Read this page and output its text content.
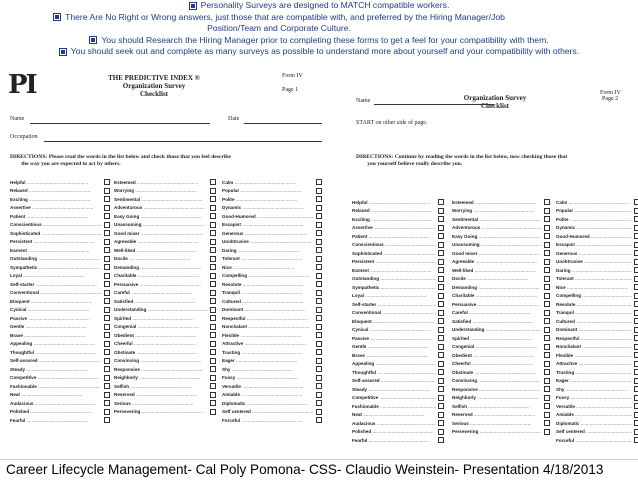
Personality Surveys are designed to MATCH compatible workers.
There Are No Right or Wrong answers, just those that are compatible with, and preferred by the Hiring Manager/Job Position/Team and Corporate Culture.
You should Research the Hiring Manager prior to completing these forms to get a feel for your compatibility with them.
You should seek out and complete as many surveys as possible to understand more about yourself and your compatibility with others.
PI	THE PREDICTIVE INDEX ®
Organization Survey
Checklist
Form IV
Page 1
Name	Date
Occupation
DIRECTIONS: Please read the words in the list below and check those that you feel describe
the way you are expected to act by others.
Helpful .....
Relaxed .....
Exciting .....
Assertive .....
Patient .....
Conscientious .....
Sophisticated .....
Persistent .....
Earnest .....
Outstanding .....
Sympathetic .....
Loyal .....
Self-starter .....
Conventional .....
Eloquent .....
Cynical .....
Passive .....
Gentle .....
Brave .....
Appealing .....
Thoughtful .....
Self-assured .....
Steady .....
Competitive .....
Fashionable .....
Neat .....
Audacious .....
Polished .....
Fearful .....
Esteemed .....
Worrying .....
Sentimental .....
Adventurous .....
Easy Going .....
Unassuming .....
Good mixer .....
Agreeable .....
Well-liked .....
Docile .....
Demanding .....
Charitable .....
Persuasive .....
Careful .....
Satisfied .....
Understanding .....
Spirited .....
Congenial .....
Obedient .....
Cheerful .....
Obstinate .....
Convincing .....
Responsive .....
Neighborly .....
Selfish .....
Reserved .....
Serious .....
Persevering .....
Calm .....
Popular .....
Polite .....
Dynamic .....
Good-Humored .....
Escapist .....
Generous .....
Unobtrusive .....
Daring .....
Tolerant .....
Nice .....
Compelling .....
Resolute .....
Tranquil .....
Cultured .....
Dominant .....
Respectful .....
Nonchalant .....
Flexible .....
Attractive .....
Trusting .....
Eager .....
Shy .....
Fussy .....
Versatile .....
Amiable .....
Diplomatic .....
Self centered .....
Forceful .....
Organization Survey
Checklist
Form IV
Page 2
Name
START on other side of page.
DIRECTIONS: Continue by reading the words in the list below, now checking those that
you yourself believe really describe you.
Helpful .....
Relaxed .....
Exciting .....
Assertive .....
Patient .....
Conscientious .....
Sophisticated .....
Persistent .....
Earnest .....
Outstanding .....
Sympathetic .....
Loyal .....
Self-starter .....
Conventional .....
Eloquent .....
Cynical .....
Passive .....
Gentle .....
Brave .....
Appealing .....
Thoughtful .....
Self-assured .....
Steady .....
Competitive .....
Fashionable .....
Neat .....
Audacious .....
Polished .....
Fearful .....
Esteemed .....
Worrying .....
Sentimental .....
Adventurous .....
Easy Going .....
Unassuming .....
Good mixer .....
Agreeable .....
Well-liked .....
Docile .....
Demanding .....
Charitable .....
Persuasive .....
Careful .....
Satisfied .....
Understanding .....
Spirited .....
Congenial .....
Obedient .....
Cheerful .....
Obstinate .....
Convincing .....
Responsive .....
Neighborly .....
Selfish .....
Reserved .....
Serious .....
Persevering .....
Calm .....
Popular .....
Polite .....
Dynamic .....
Good-Humored .....
Escapist .....
Generous .....
Unobtrusive .....
Daring .....
Tolerant .....
Nice .....
Compelling .....
Resolute .....
Tranquil .....
Cultured .....
Dominant .....
Respectful .....
Nonchalant .....
Flexible .....
Attractive .....
Trusting .....
Eager .....
Shy .....
Fussy .....
Versatile .....
Amiable .....
Diplomatic .....
Self centered .....
Forceful .....
Career Lifecycle Management- Cal Poly Pomona- CSS- Claudio Weinstein- Presentation 4/18/2013
